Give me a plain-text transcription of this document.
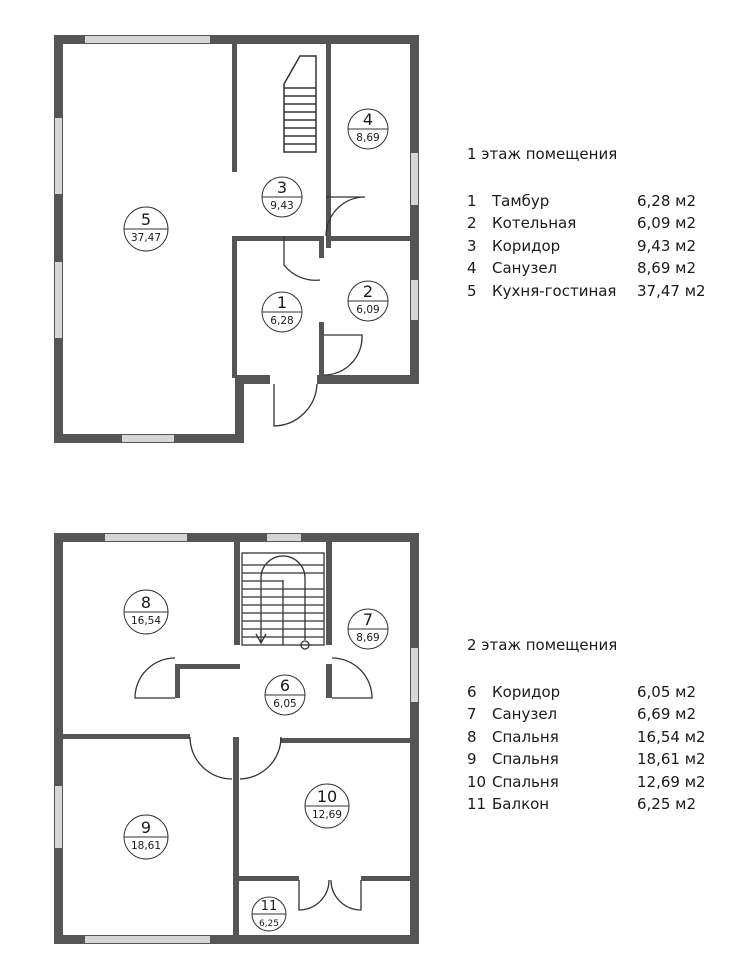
1
6,28
2
6,09
3
9,43
4
8,69
5
37,47
6
6,05
7
8,69
8
16,54
9
18,61
10
12,69
11
6,25
1 этаж помещения
1	Тамбур	6,28 м2
2	Котельная	6,09 м2
3	Коридор	9,43 м2
4	Санузел	8,69 м2
5	Кухня-гостиная	37,47 м2
2 этаж помещения
6	Коридор	6,05 м2
7	Санузел	6,69 м2
8	Спальня	16,54 м2
9	Спальня	18,61 м2
10 Спальня	12,69 м2
11 Балкон	6,25 м2
